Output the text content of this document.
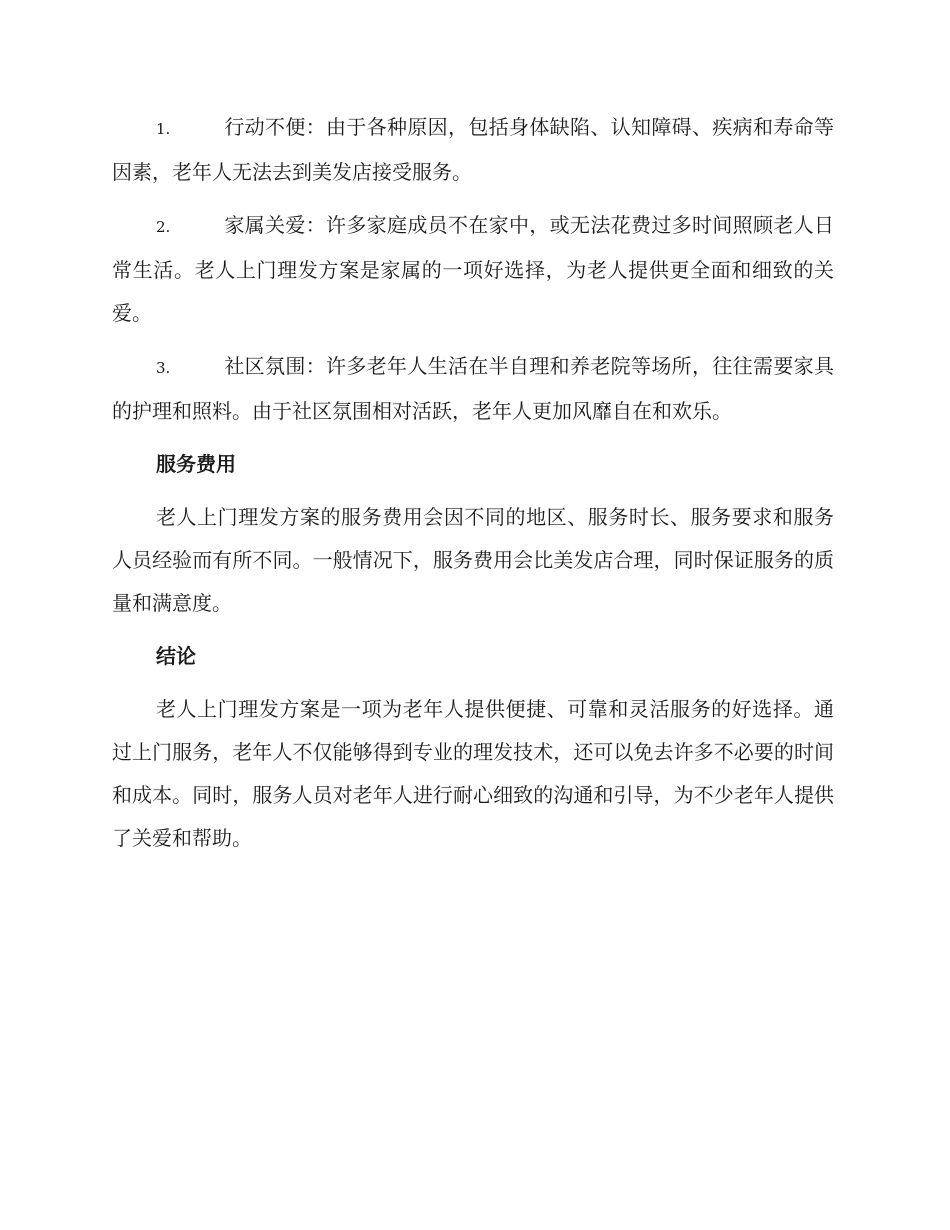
1.	行动不便：由于各种原因，包括身体缺陷、认知障碍、疾病和寿命等因素，老年人无法去到美发店接受服务。

2.	家属关爱：许多家庭成员不在家中，或无法花费过多时间照顾老人日常生活。老人上门理发方案是家属的一项好选择，为老人提供更全面和细致的关爱。

3.	社区氛围：许多老年人生活在半自理和养老院等场所，往往需要家具的护理和照料。由于社区氛围相对活跃，老年人更加风靡自在和欢乐。

服务费用

老人上门理发方案的服务费用会因不同的地区、服务时长、服务要求和服务人员经验而有所不同。一般情况下，服务费用会比美发店合理，同时保证服务的质量和满意度。

结论

老人上门理发方案是一项为老年人提供便捷、可靠和灵活服务的好选择。通过上门服务，老年人不仅能够得到专业的理发技术，还可以免去许多不必要的时间和成本。同时，服务人员对老年人进行耐心细致的沟通和引导，为不少老年人提供了关爱和帮助。
